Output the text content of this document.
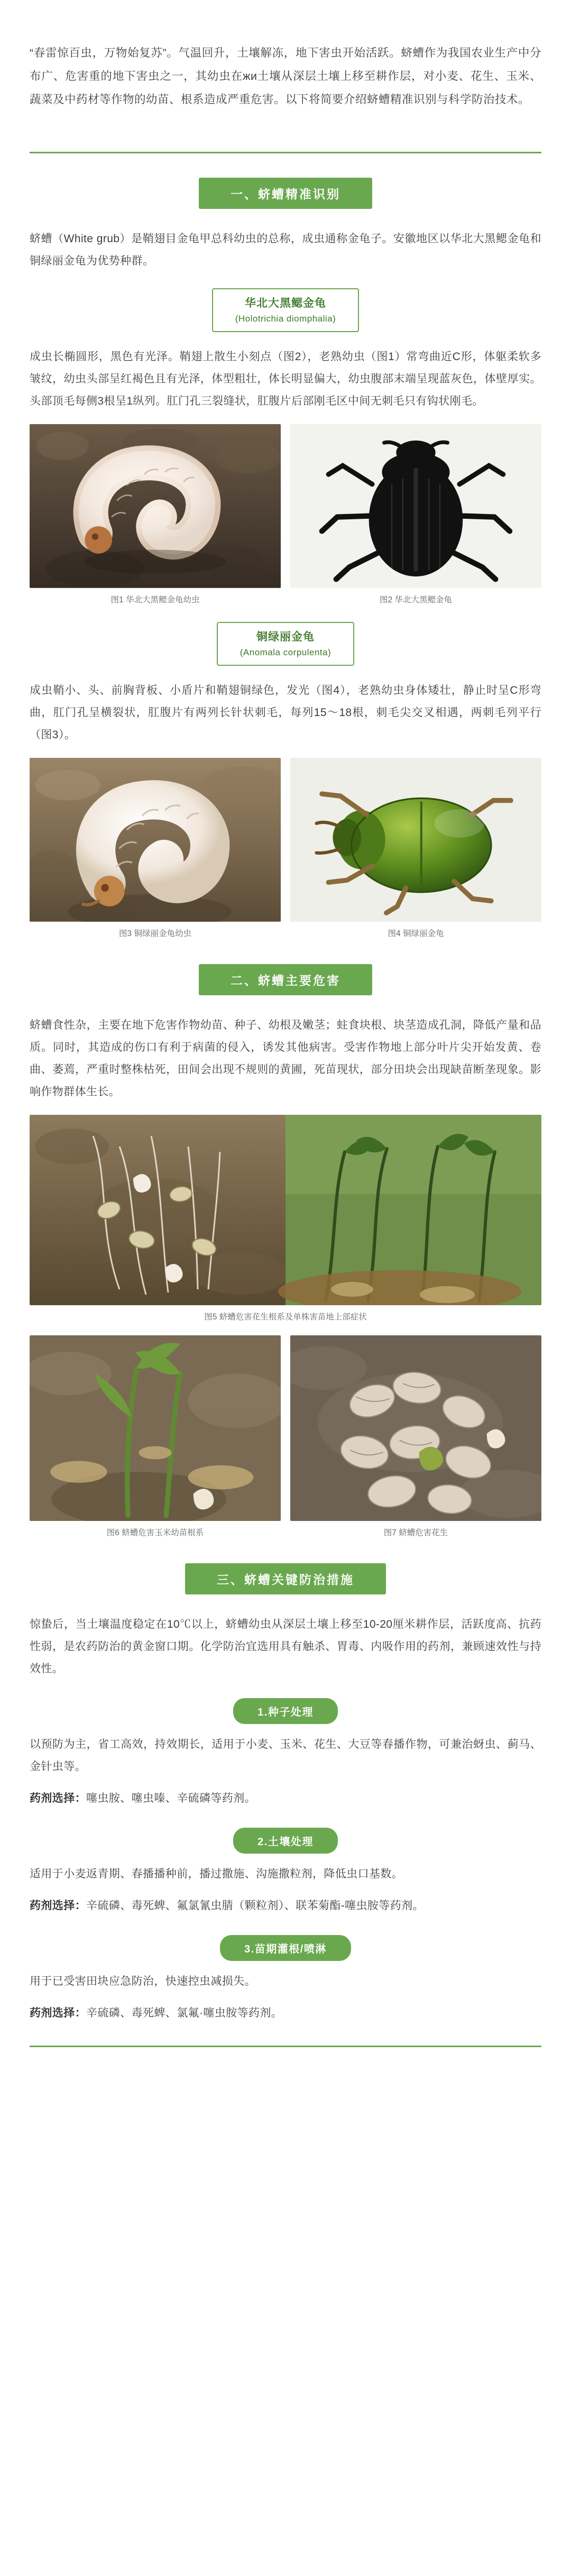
“春雷惊百虫，万物始复苏”。气温回升，土壤解冻，地下害虫开始活跃。蛴螬作为我国农业生产中分布广、危害重的地下害虫之一，其幼虫在жи土壤从深层土壤上移至耕作层，对小麦、花生、玉米、蔬菜及中药材等作物的幼苗、根系造成严重危害。以下将简要介绍蛴螬精准识别与科学防治技术。

一、蛴螬精准识别

蛴螬（White grub）是鞘翅目金龟甲总科幼虫的总称，成虫通称金龟子。安徽地区以华北大黑鳃金龟和铜绿丽金龟为优势种群。

华北大黑鳃金龟
(Holotrichia diomphalia)

成虫长椭圆形，黑色有光泽。鞘翅上散生小刻点（图2），老熟幼虫（图1）常弯曲近C形，体躯柔软多皱纹，幼虫头部呈红褐色且有光泽，体型粗壮，体长明显偏大，幼虫腹部末端呈现蓝灰色，体壁厚实。头部顶毛每侧3根呈1纵列。肛门孔三裂缝状，肛腹片后部刚毛区中间无刺毛只有钩状刚毛。

图1 华北大黑鳃金龟幼虫	图2 华北大黑鳃金龟
铜绿丽金龟
(Anomala corpulenta)

成虫鞘小、头、前胸背板、小盾片和鞘翅铜绿色，发光（图4），老熟幼虫身体矮壮，静止时呈C形弯曲，肛门孔呈横裂状，肛腹片有两列长针状刺毛，每列15～18根，刺毛尖交叉相遇，两刺毛列平行（图3）。

图3 铜绿丽金龟幼虫	图4 铜绿丽金龟
二、蛴螬主要危害

蛴螬食性杂，主要在地下危害作物幼苗、种子、幼根及嫩茎；蛀食块根、块茎造成孔洞，降低产量和品质。同时，其造成的伤口有利于病菌的侵入，诱发其他病害。受害作物地上部分叶片尖开始发黄、卷曲、萎蔫，严重时整株枯死，田间会出现不规则的黄圃，死苗现状，部分田块会出现缺苗断垄现象。影响作物群体生长。

图5 蛴螬危害花生根系及单株害苗地上部症状
图6 蛴螬危害玉米幼苗根系	图7 蛴螬危害花生
三、蛴螬关键防治措施

惊蛰后，当土壤温度稳定在10℃以上，蛴螬幼虫从深层土壤上移至10-20厘米耕作层，活跃度高、抗药性弱，是农药防治的黄金窗口期。化学防治宜选用具有触杀、胃毒、内吸作用的药剂，兼顾速效性与持效性。

1.种子处理

以预防为主，省工高效，持效期长，适用于小麦、玉米、花生、大豆等春播作物，可兼治蚜虫、蓟马、金针虫等。

药剂选择：噻虫胺、噻虫嗪、辛硫磷等药剂。

2.土壤处理

适用于小麦返青期、春播播种前，播过撒施、沟施撒粒剂，降低虫口基数。

药剂选择：辛硫磷、毒死蜱、氟氯氰虫腈（颗粒剂）、联苯菊酯-噻虫胺等药剂。

3.苗期灌根/喷淋

用于已受害田块应急防治，快速控虫减损失。

药剂选择：辛硫磷、毒死蜱、氯氟·噻虫胺等药剂。
